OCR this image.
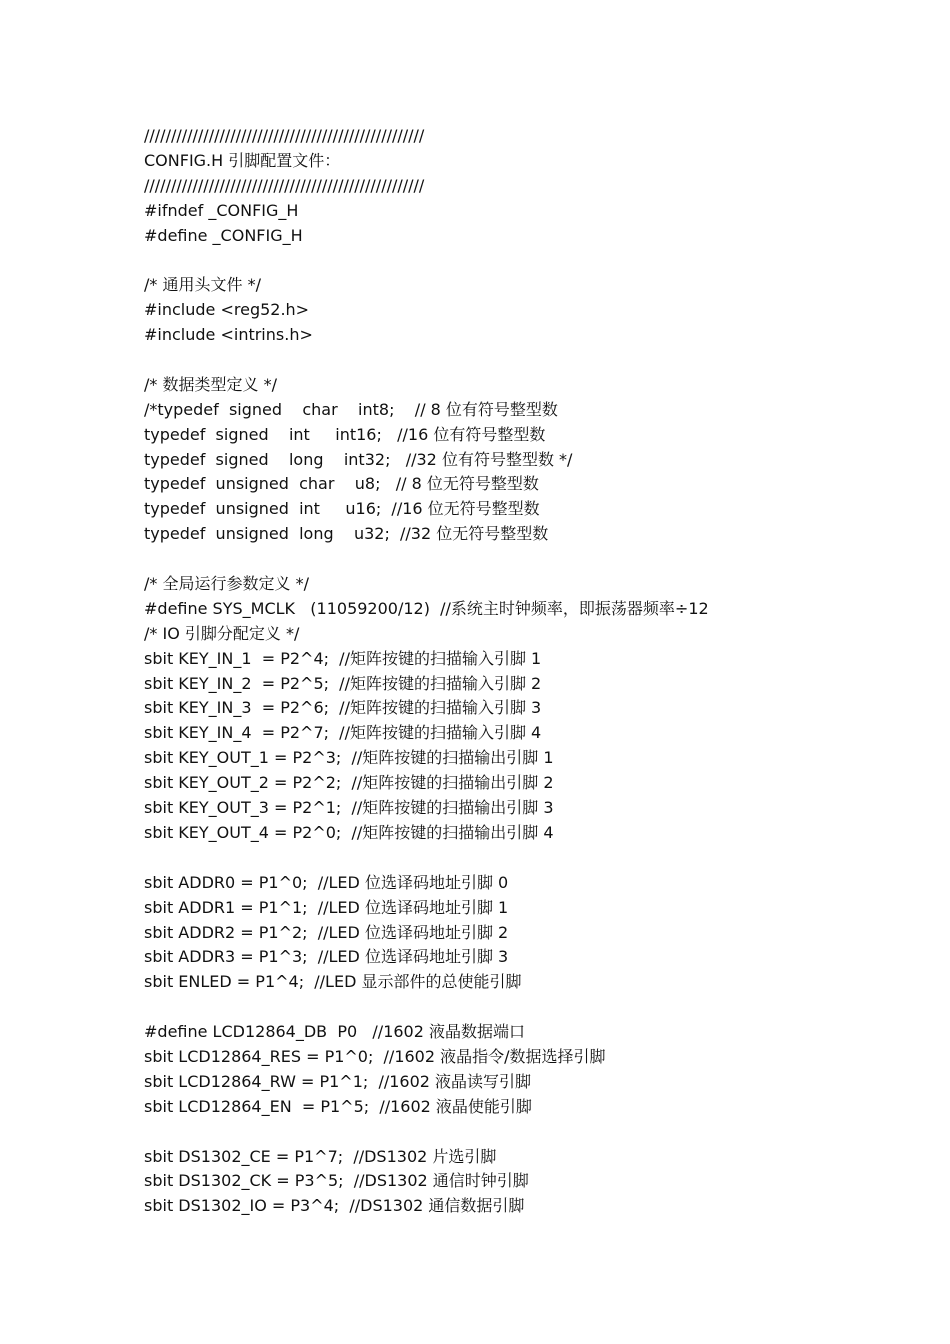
////////////////////////////////////////////////////
CONFIG.H 引脚配置文件：
////////////////////////////////////////////////////
#ifndef _CONFIG_H
#define _CONFIG_H
/* 通用头文件 */
#include <reg52.h>
#include <intrins.h>
/* 数据类型定义 */
/*typedef  signed    char    int8;    // 8 位有符号整型数
typedef  signed    int     int16;   //16 位有符号整型数
typedef  signed    long    int32;   //32 位有符号整型数 */
typedef  unsigned  char    u8;   // 8 位无符号整型数
typedef  unsigned  int     u16;  //16 位无符号整型数
typedef  unsigned  long    u32;  //32 位无符号整型数
/* 全局运行参数定义 */
#define SYS_MCLK   (11059200/12)  //系统主时钟频率，即振荡器频率÷12
/* IO 引脚分配定义 */
sbit KEY_IN_1  = P2^4;  //矩阵按键的扫描输入引脚 1
sbit KEY_IN_2  = P2^5;  //矩阵按键的扫描输入引脚 2
sbit KEY_IN_3  = P2^6;  //矩阵按键的扫描输入引脚 3
sbit KEY_IN_4  = P2^7;  //矩阵按键的扫描输入引脚 4
sbit KEY_OUT_1 = P2^3;  //矩阵按键的扫描输出引脚 1
sbit KEY_OUT_2 = P2^2;  //矩阵按键的扫描输出引脚 2
sbit KEY_OUT_3 = P2^1;  //矩阵按键的扫描输出引脚 3
sbit KEY_OUT_4 = P2^0;  //矩阵按键的扫描输出引脚 4
sbit ADDR0 = P1^0;  //LED 位选译码地址引脚 0
sbit ADDR1 = P1^1;  //LED 位选译码地址引脚 1
sbit ADDR2 = P1^2;  //LED 位选译码地址引脚 2
sbit ADDR3 = P1^3;  //LED 位选译码地址引脚 3
sbit ENLED = P1^4;  //LED 显示部件的总使能引脚
#define LCD12864_DB  P0   //1602 液晶数据端口
sbit LCD12864_RES = P1^0;  //1602 液晶指令/数据选择引脚
sbit LCD12864_RW = P1^1;  //1602 液晶读写引脚
sbit LCD12864_EN  = P1^5;  //1602 液晶使能引脚
sbit DS1302_CE = P1^7;  //DS1302 片选引脚
sbit DS1302_CK = P3^5;  //DS1302 通信时钟引脚
sbit DS1302_IO = P3^4;  //DS1302 通信数据引脚
